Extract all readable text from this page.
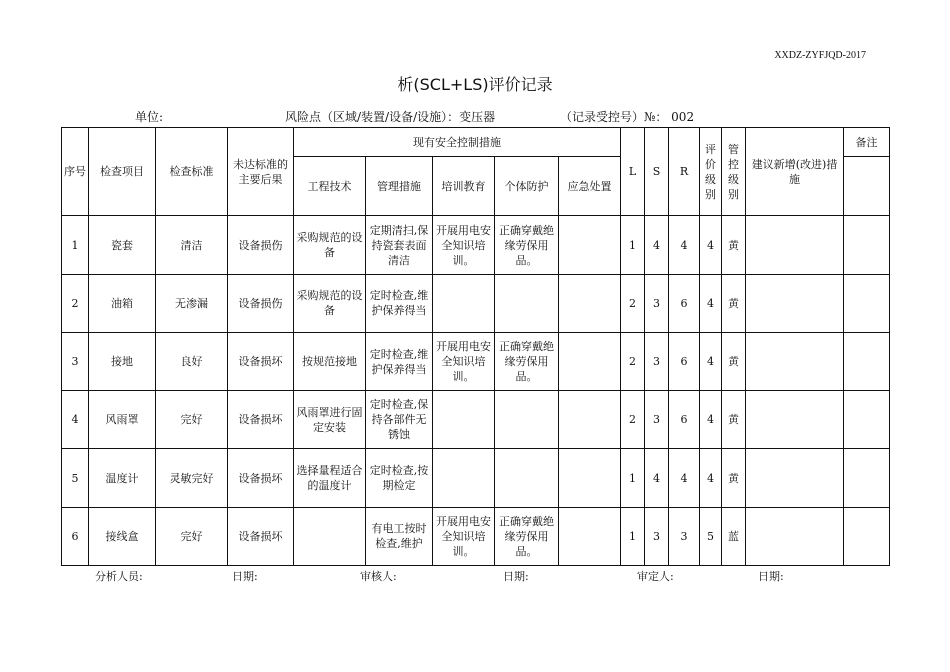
XXDZ-ZYFJQD-2017
析(SCL+LS)评价记录
单位:	风险点（区域/装置/设备/设施）：变压器	（记录受控号）№： 002
序号	检查项目	检查标准	未达标准的主要后果	现有安全控制措施					L	S	R	评价级别	管控级别	建议新增(改进)措施	备注
				工程技术	管理措施	培训教育	个体防护	应急处置							
1	瓷套	清洁	设备损伤	采购规范的设备	定期清扫,保持瓷套表面清洁	开展用电安全知识培训。	正确穿戴绝缘劳保用品。		1	4	4	4	黄		
2	油箱	无渗漏	设备损伤	采购规范的设备	定时检查,维护保养得当				2	3	6	4	黄		
3	接地	良好	设备损坏	按规范接地	定时检查,维护保养得当	开展用电安全知识培训。	正确穿戴绝缘劳保用品。		2	3	6	4	黄		
4	风雨罩	完好	设备损坏	风雨罩进行固定安装	定时检查,保持各部件无锈蚀				2	3	6	4	黄		
5	温度计	灵敏完好	设备损坏	选择量程适合的温度计	定时检查,按期检定				1	4	4	4	黄		
6	接线盒	完好	设备损坏		有电工按时检查,维护	开展用电安全知识培训。	正确穿戴绝缘劳保用品。		1	3	3	5	蓝		
分析人员:	日期:	审核人:	日期:	审定人:	日期:
